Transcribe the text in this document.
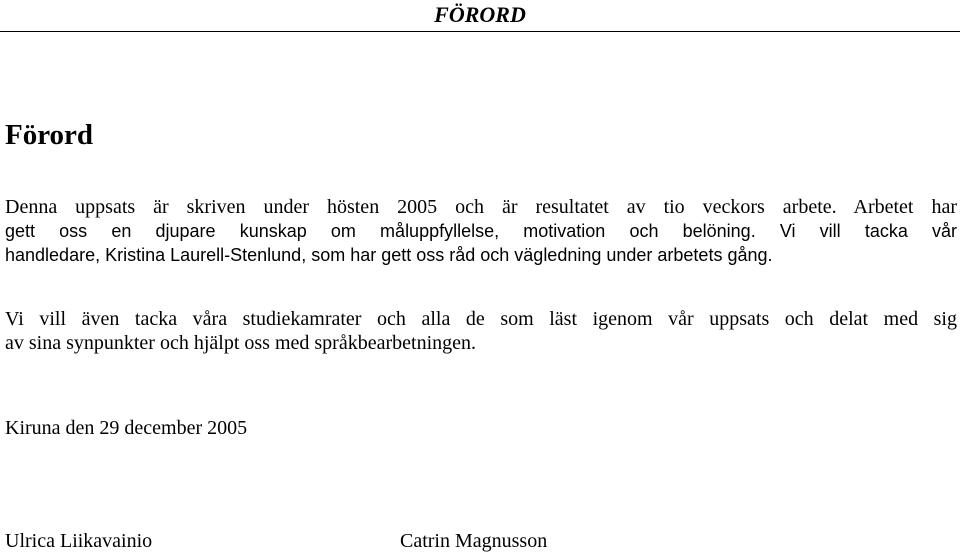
FÖRORD
Förord
Denna uppsats är skriven under hösten 2005 och är resultatet av tio veckors arbete. Arbetet har
gett oss en djupare kunskap om måluppfyllelse, motivation och belöning. Vi vill tacka vår
handledare, Kristina Laurell-Stenlund, som har gett oss råd och vägledning under arbetets gång.
Vi vill även tacka våra studiekamrater och alla de som läst igenom vår uppsats och delat med sig
av sina synpunkter och hjälpt oss med språkbearbetningen.
Kiruna den 29 december 2005
Ulrica Liikavainio	Catrin Magnusson
